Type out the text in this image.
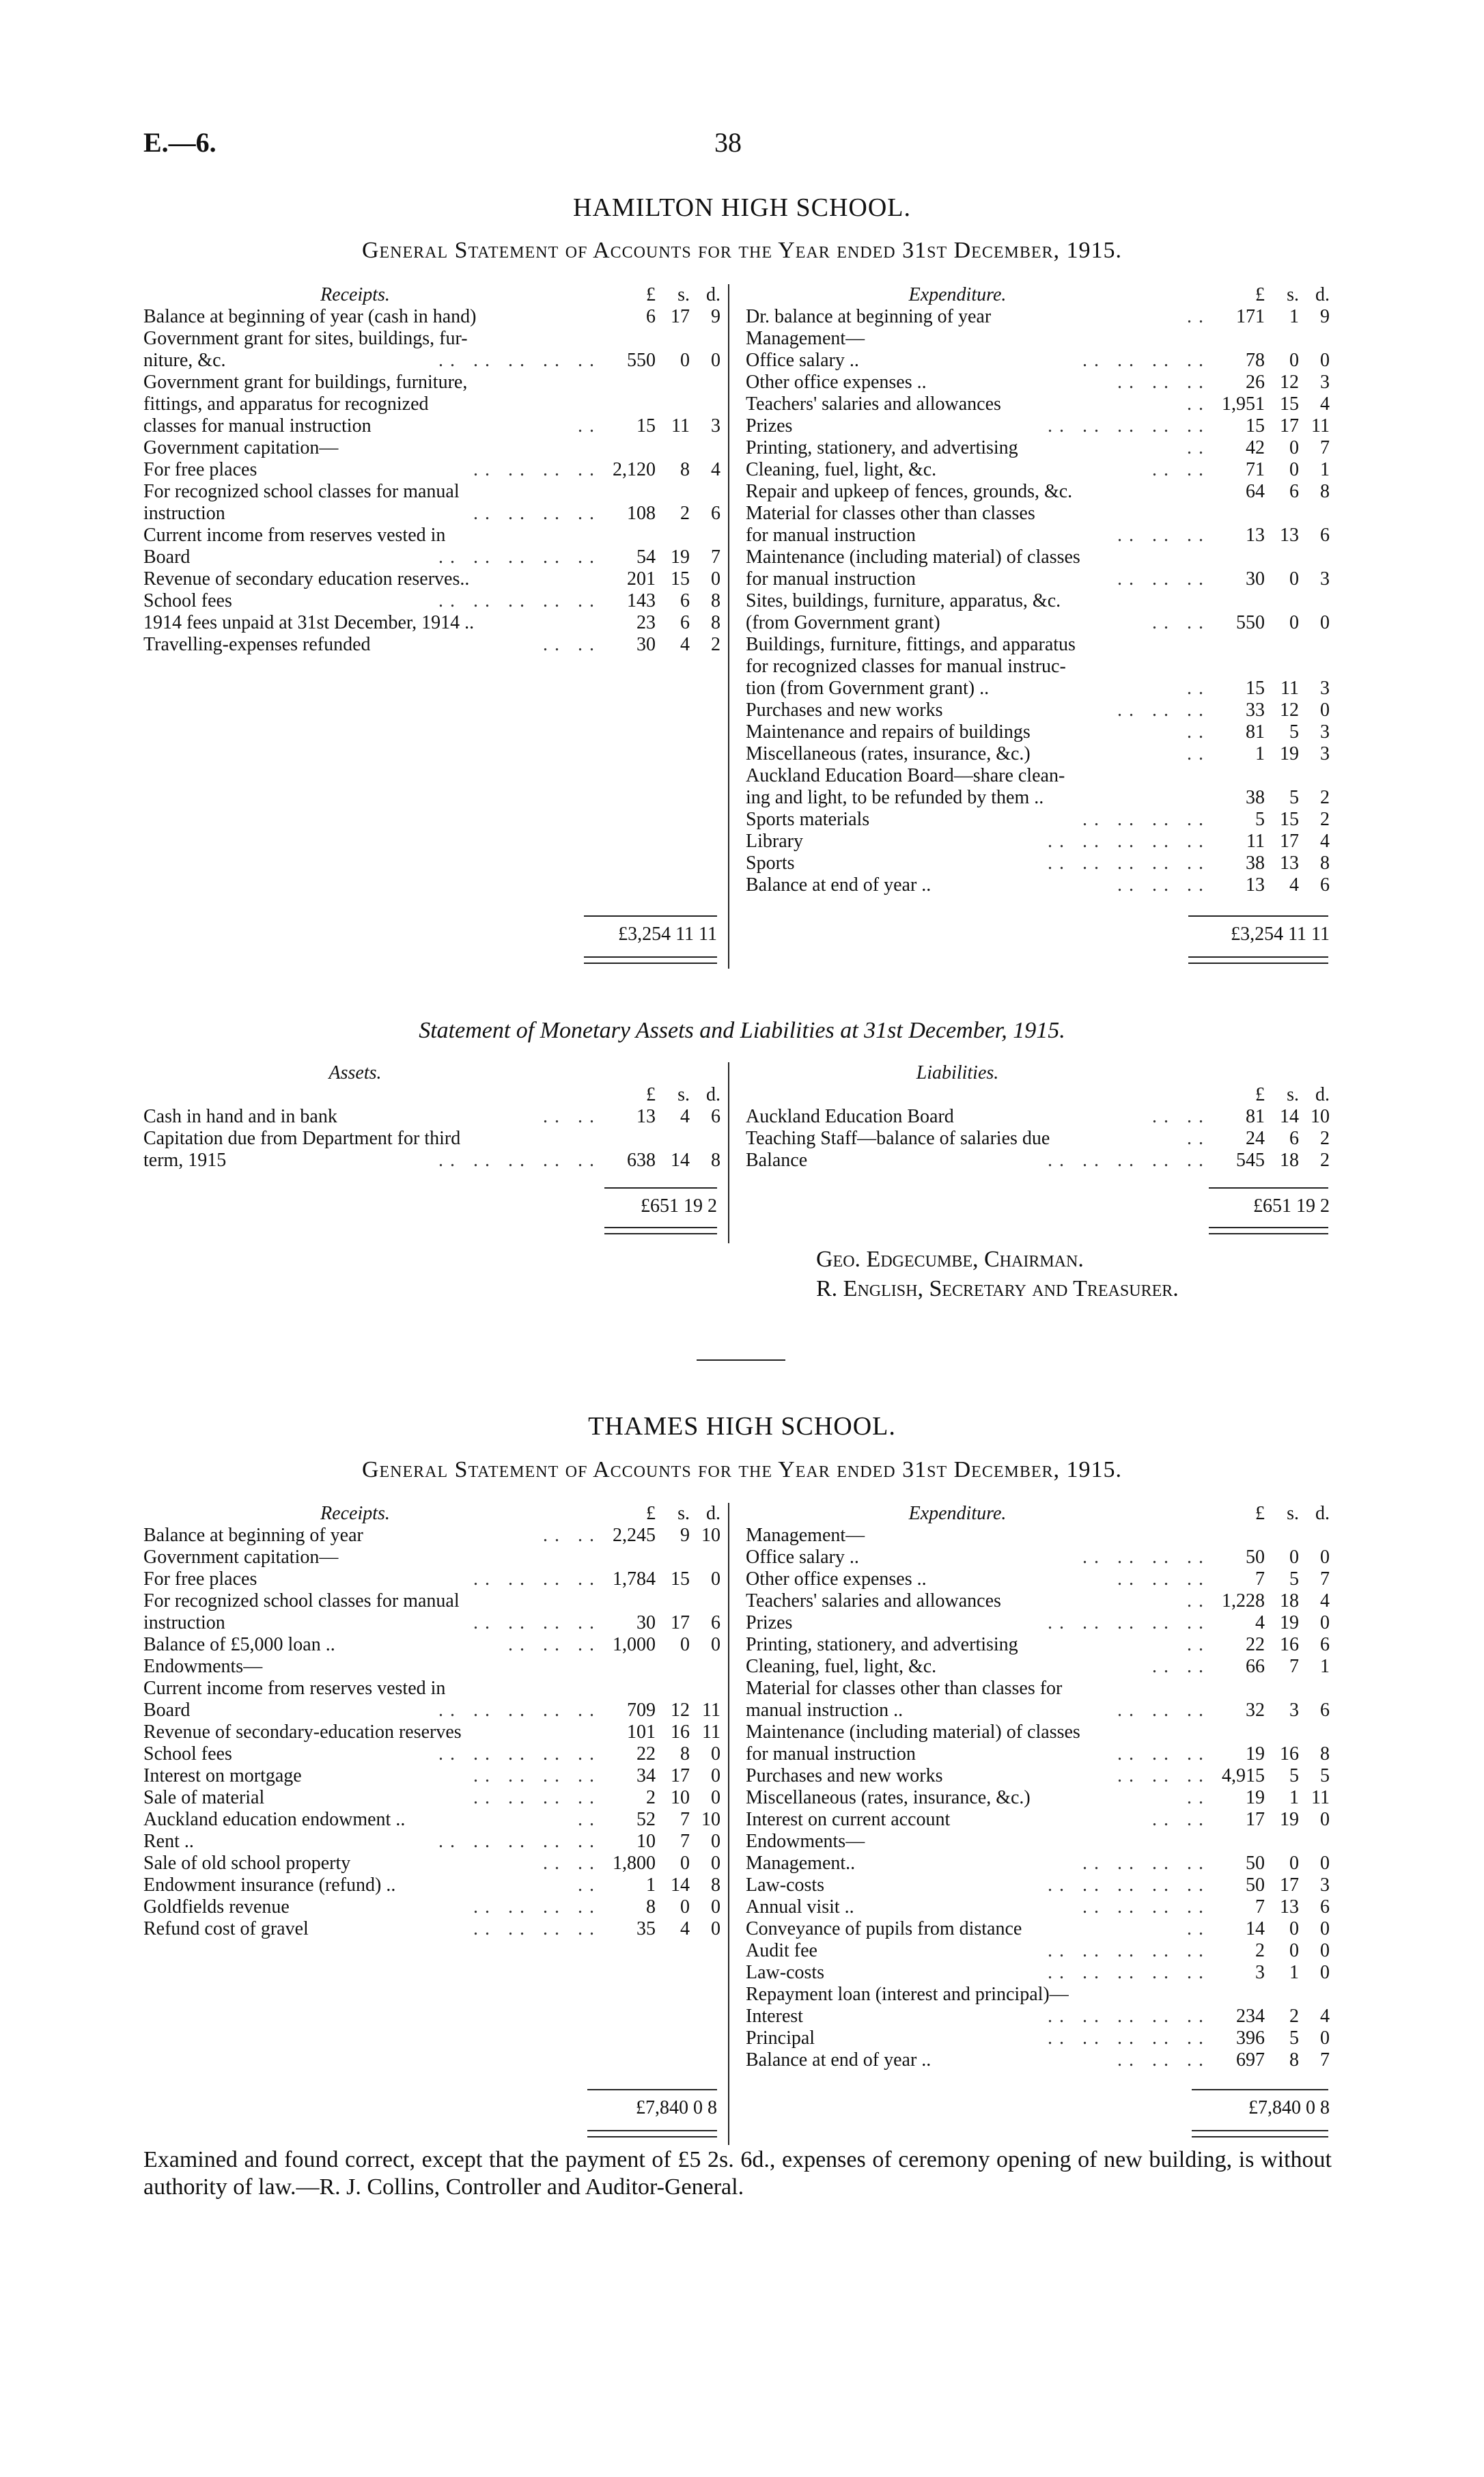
E.—6.	38
HAMILTON HIGH SCHOOL.
General Statement of Accounts for the Year ended 31st December, 1915.
Receipts.	£	s. d.
Balance at beginning of year (cash in hand)	6 17	9
Government grant for sites, buildings, fur-
niture, &c.	.. .. .. .. ..	550	0	0
Government grant for buildings, furniture,
fittings, and apparatus for recognized
classes for manual instruction	..	15 11	3
Government capitation—
For free places	.. .. .. .. 2,120	8	4
For recognized school classes for manual
instruction	.. .. .. ..	108	2	6
Current income from reserves vested in
Board	.. .. .. .. ..	54 19	7
Revenue of secondary education reserves..	201 15	0
School fees	.. .. .. .. ..	143	6	8
1914 fees unpaid at 31st December, 1914 ..	23	6	8
Travelling-expenses refunded	.. ..	30	4	2
Expenditure.	£	s. d.
Dr. balance at beginning of year	..	171	1	9
Management—
Office salary ..	.. .. .. ..	78	0	0
Other office expenses ..	.. .. ..	26 12	3
Teachers' salaries and allowances	.. 1,951 15	4
Prizes	.. .. .. .. ..	15 17 11
Printing, stationery, and advertising	..	42	0	7
Cleaning, fuel, light, &c.	.. ..	71	0	1
Repair and upkeep of fences, grounds, &c.	64	6	8
Material for classes other than classes
for manual instruction	.. .. ..	13 13	6
Maintenance (including material) of classes
for manual instruction	.. .. ..	30	0	3
Sites, buildings, furniture, apparatus, &c.
(from Government grant)	.. ..	550	0	0
Buildings, furniture, fittings, and apparatus
for recognized classes for manual instruc-
tion (from Government grant) ..	..	15 11	3
Purchases and new works	.. .. ..	33 12	0
Maintenance and repairs of buildings	..	81	5	3
Miscellaneous (rates, insurance, &c.)	..	1 19	3
Auckland Education Board—share clean-
ing and light, to be refunded by them ..	38	5	2
Sports materials	.. .. .. ..	5 15	2
Library	.. .. .. .. ..	11 17	4
Sports	.. .. .. .. ..	38 13	8
Balance at end of year ..	.. .. ..	13	4	6
£3,254 11 11	£3,254 11 11
Statement of Monetary Assets and Liabilities at 31st December, 1915.
Assets.
£	s. d.
Cash in hand and in bank	.. ..	13	4	6
Capitation due from Department for third
term, 1915	.. .. .. .. ..	638 14	8
Liabilities.
£	s. d.
Auckland Education Board	.. ..	81 14 10
Teaching Staff—balance of salaries due	..	24	6	2
Balance	.. .. .. .. ..	545 18	2
£651 19 2	£651 19 2
Geo. Edgecumbe, Chairman.
R. English, Secretary and Treasurer.
THAMES HIGH SCHOOL.
General Statement of Accounts for the Year ended 31st December, 1915.
Receipts.	£	s. d.
Balance at beginning of year	.. .. 2,245	9 10
Government capitation—
For free places	.. .. .. .. 1,784 15	0
For recognized school classes for manual
instruction	.. .. .. ..	30 17	6
Balance of £5,000 loan ..	.. .. .. 1,000	0	0
Endowments—
Current income from reserves vested in
Board	.. .. .. .. ..	709 12 11
Revenue of secondary-education reserves	101 16 11
School fees	.. .. .. .. ..	22	8	0
Interest on mortgage	.. .. .. ..	34 17	0
Sale of material	.. .. .. ..	2 10	0
Auckland education endowment ..	..	52	7 10
Rent ..	.. .. .. .. ..	10	7	0
Sale of old school property	.. .. 1,800	0	0
Endowment insurance (refund) ..	..	1 14	8
Goldfields revenue	.. .. .. ..	8	0	0
Refund cost of gravel	.. .. .. ..	35	4	0
Expenditure.	£	s. d.
Management—
Office salary ..	.. .. .. ..	50	0	0
Other office expenses ..	.. .. ..	7	5	7
Teachers' salaries and allowances	.. 1,228 18	4
Prizes	.. .. .. .. ..	4 19	0
Printing, stationery, and advertising	..	22 16	6
Cleaning, fuel, light, &c.	.. ..	66	7	1
Material for classes other than classes for
manual instruction ..	.. .. ..	32	3	6
Maintenance (including material) of classes
for manual instruction	.. .. ..	19 16	8
Purchases and new works	.. .. .. 4,915	5	5
Miscellaneous (rates, insurance, &c.)	..	19	1 11
Interest on current account	.. ..	17 19	0
Endowments—
Management..	.. .. .. ..	50	0	0
Law-costs	.. .. .. .. ..	50 17	3
Annual visit ..	.. .. .. ..	7 13	6
Conveyance of pupils from distance	..	14	0	0
Audit fee	.. .. .. .. ..	2	0	0
Law-costs	.. .. .. .. ..	3	1	0
Repayment loan (interest and principal)—
Interest	.. .. .. .. ..	234	2	4
Principal	.. .. .. .. ..	396	5	0
Balance at end of year ..	.. .. ..	697	8	7
£7,840 0 8	£7,840 0 8
Examined and found correct, except that the payment of £5 2s. 6d., expenses of ceremony opening of new building, is without authority of law.—R. J. Collins, Controller and Auditor-General.
